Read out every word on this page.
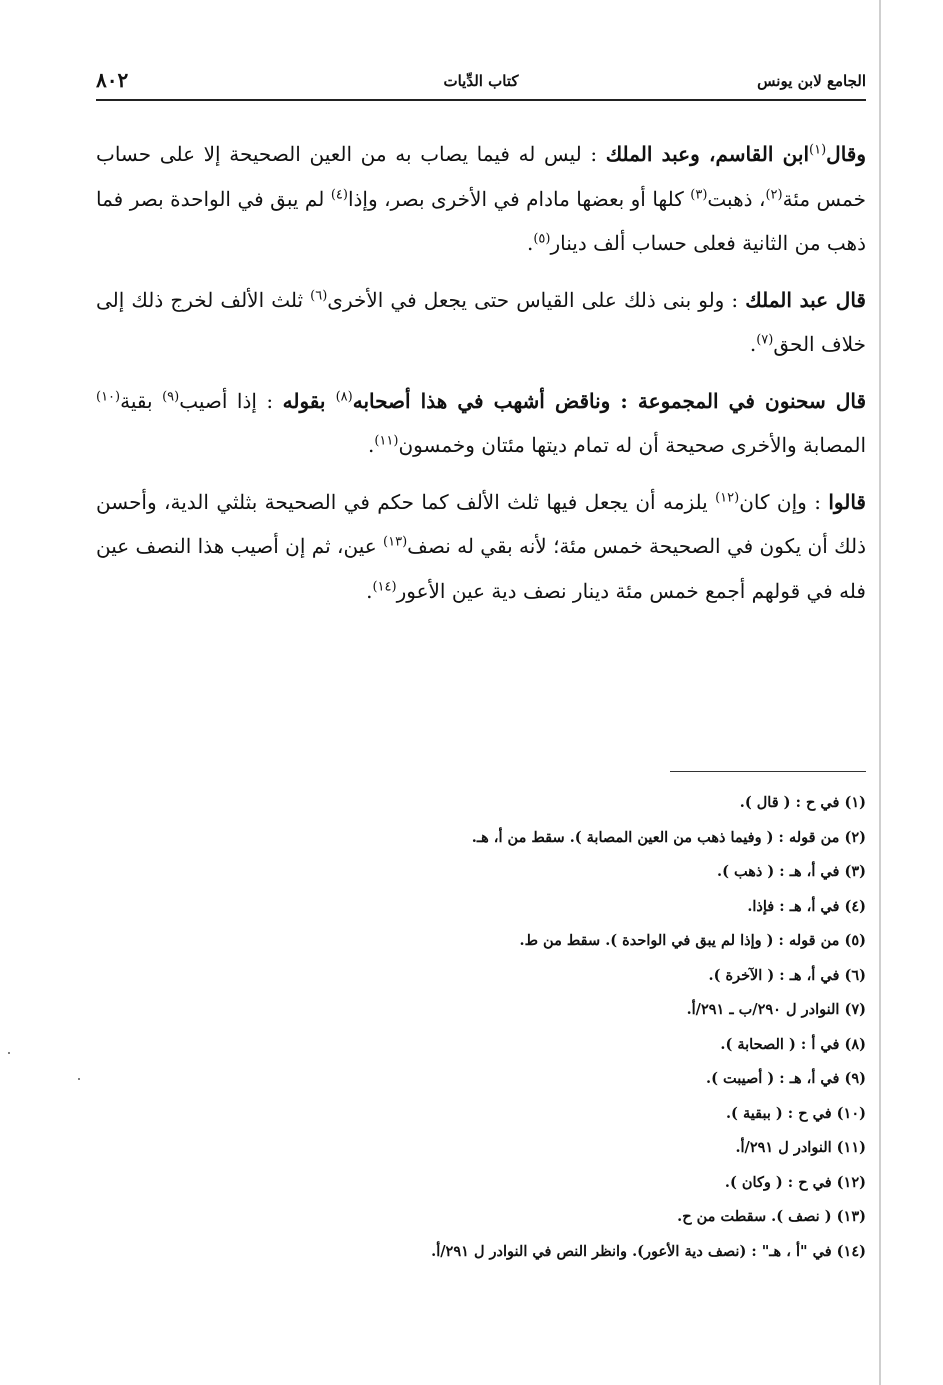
الجامع لابن يونس
كتاب الدِّيات
٨٠٢

وقال$^{(١)}$ابن القاسم، وعبد الملك : ليس له فيما يصاب به من العين الصحيحة إلا على حساب خمس مئة$^{(٢)}$، ذهبت$^{(٣)}$ كلها أو بعضها مادام في الأخرى بصر، وإذا$^{(٤)}$ لم يبق في الواحدة بصر فما ذهب من الثانية فعلى حساب ألف دينار$^{(٥)}$.

قال عبد الملك : ولو بنى ذلك على القياس حتى يجعل في الأخرى$^{(٦)}$ ثلث الألف لخرج ذلك إلى خلاف الحق$^{(٧)}$.

قال سحنون في المجموعة : وناقض أشهب في هذا أصحابه$^{(٨)}$ بقوله : إذا أصيب$^{(٩)}$ بقية$^{(١٠)}$ المصابة والأخرى صحيحة أن له تمام ديتها مئتان وخمسون$^{(١١)}$.

قالوا : وإن كان$^{(١٢)}$ يلزمه أن يجعل فيها ثلث الألف كما حكم في الصحيحة بثلثي الدية، وأحسن ذلك أن يكون في الصحيحة خمس مئة؛ لأنه بقي له نصف$^{(١٣)}$ عين، ثم إن أصيب هذا النصف عين فله في قولهم أجمع خمس مئة دينار نصف دية عين الأعور$^{(١٤)}$.

(١) في ح : ( قال ).

(٢) من قوله : ( وفيما ذهب من العين المصابة ). سقط من أ، هـ.

(٣) في أ، هـ : ( ذهب ).

(٤) في أ، هـ : فإذا.

(٥) من قوله : ( وإذا لم يبق في الواحدة ). سقط من ط.

(٦) في أ، هـ : ( الآخرة ).

(٧) النوادر ل ٢٩٠/ب ـ ٢٩١/أ.

(٨) في أ : ( الصحابة ).

(٩) في أ، هـ : ( أصيبت ).

(١٠) في ح : ( ببقية ).

(١١) النوادر ل ٢٩١/أ.

(١٢) في ح : ( وكان ).

(١٣) ( نصف ). سقطت من ح.

(١٤) في "أ ، هـ" : (نصف دية الأعور). وانظر النص في النوادر ل ٢٩١/أ.
